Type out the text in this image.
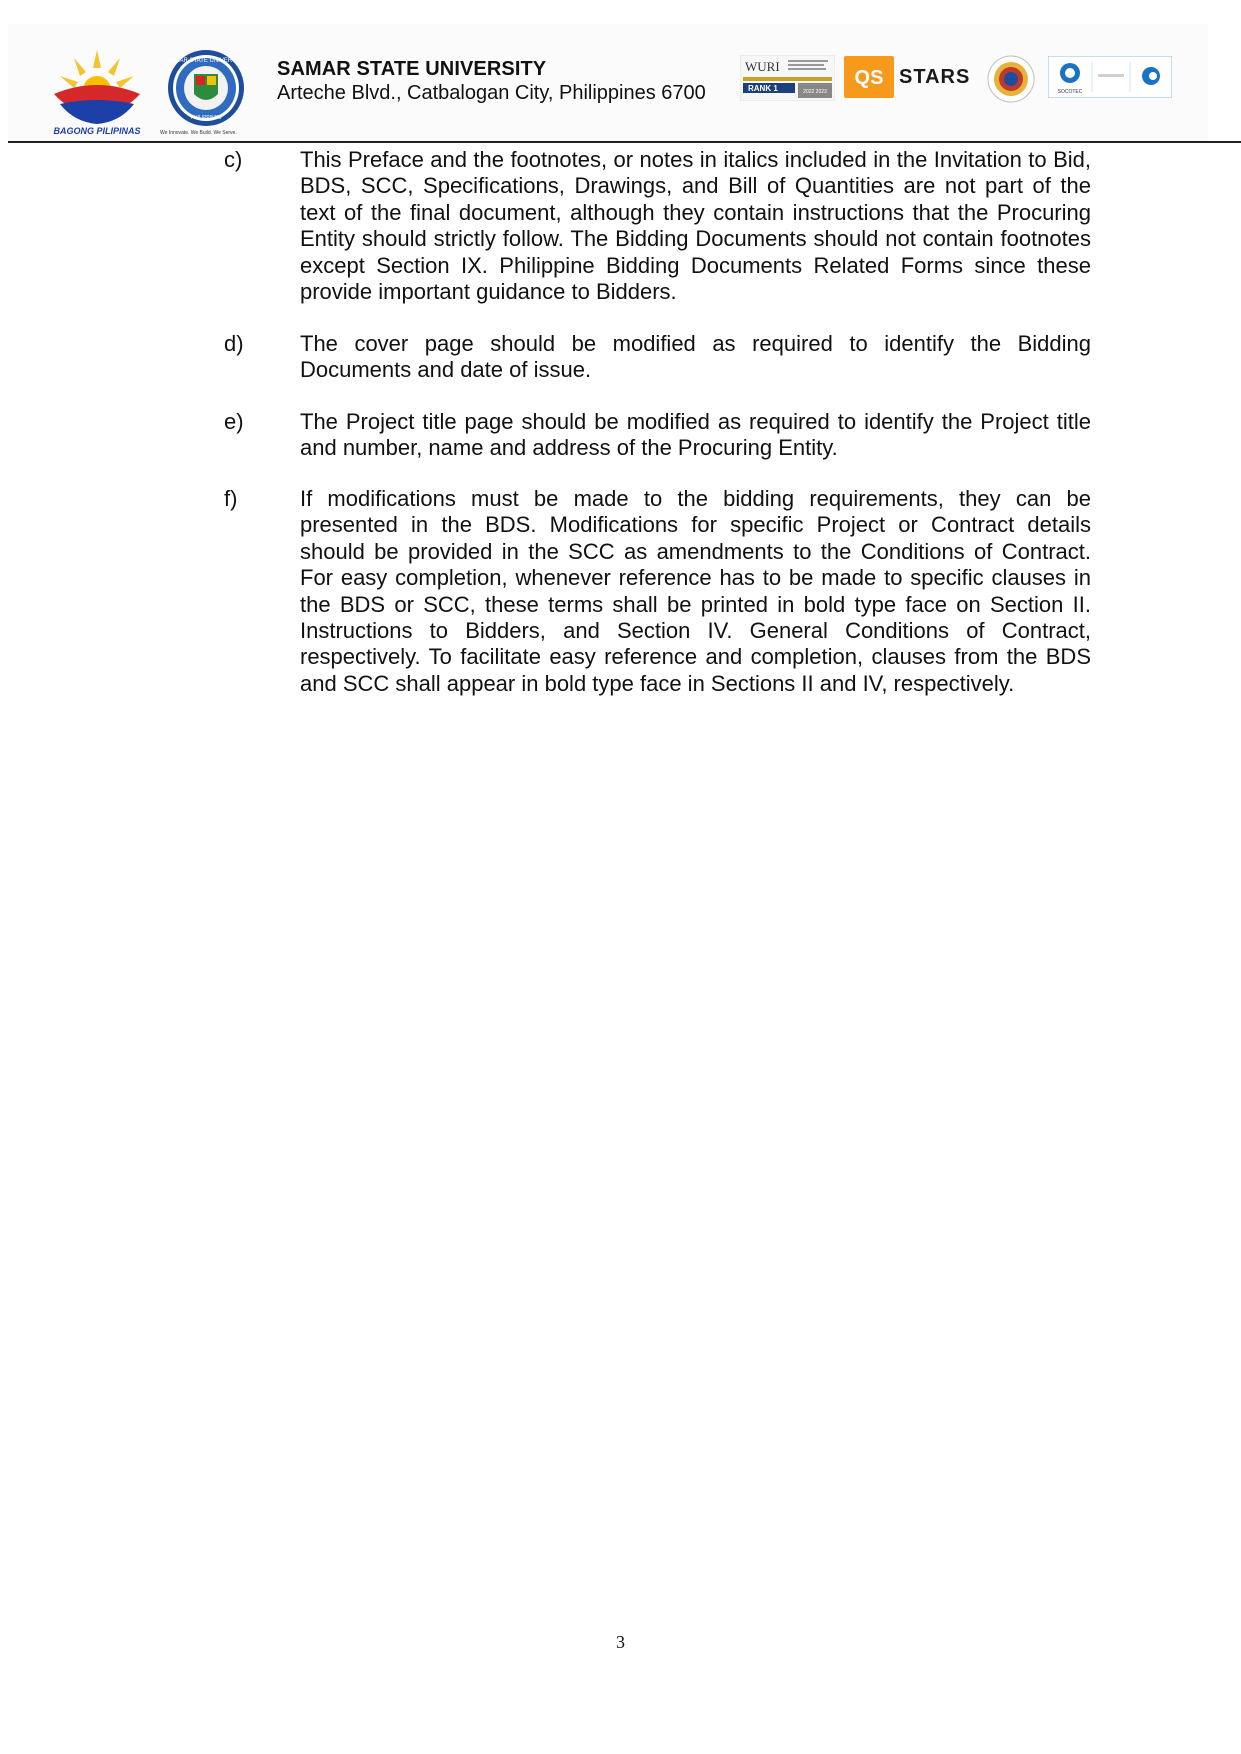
BAGONG PILIPINAS
SAMAR STATE UNIVERSITY
PHILIPPINES
We Innovate. We Build. We Serve.
SAMAR STATE UNIVERSITY
Arteche Blvd., Catbalogan City, Philippines 6700
WURI
RANK 1	2022 2023
QS STARS
SOCOTEC
c)	This Preface and the footnotes, or notes in italics included in the Invitation to Bid, BDS, SCC, Specifications, Drawings, and Bill of Quantities are not part of the text of the final document, although they contain instructions that the Procuring Entity should strictly follow. The Bidding Documents should not contain footnotes except Section IX. Philippine Bidding Documents Related Forms since these provide important guidance to Bidders.

d)	The cover page should be modified as required to identify the Bidding Documents and date of issue.

e)	The Project title page should be modified as required to identify the Project title and number, name and address of the Procuring Entity.

f)	If modifications must be made to the bidding requirements, they can be presented in the BDS. Modifications for specific Project or Contract details should be provided in the SCC as amendments to the Conditions of Contract. For easy completion, whenever reference has to be made to specific clauses in the BDS or SCC, these terms shall be printed in bold type face on Section II. Instructions to Bidders, and Section IV. General Conditions of Contract, respectively. To facilitate easy reference and completion, clauses from the BDS and SCC shall appear in bold type face in Sections II and IV, respectively.

3
